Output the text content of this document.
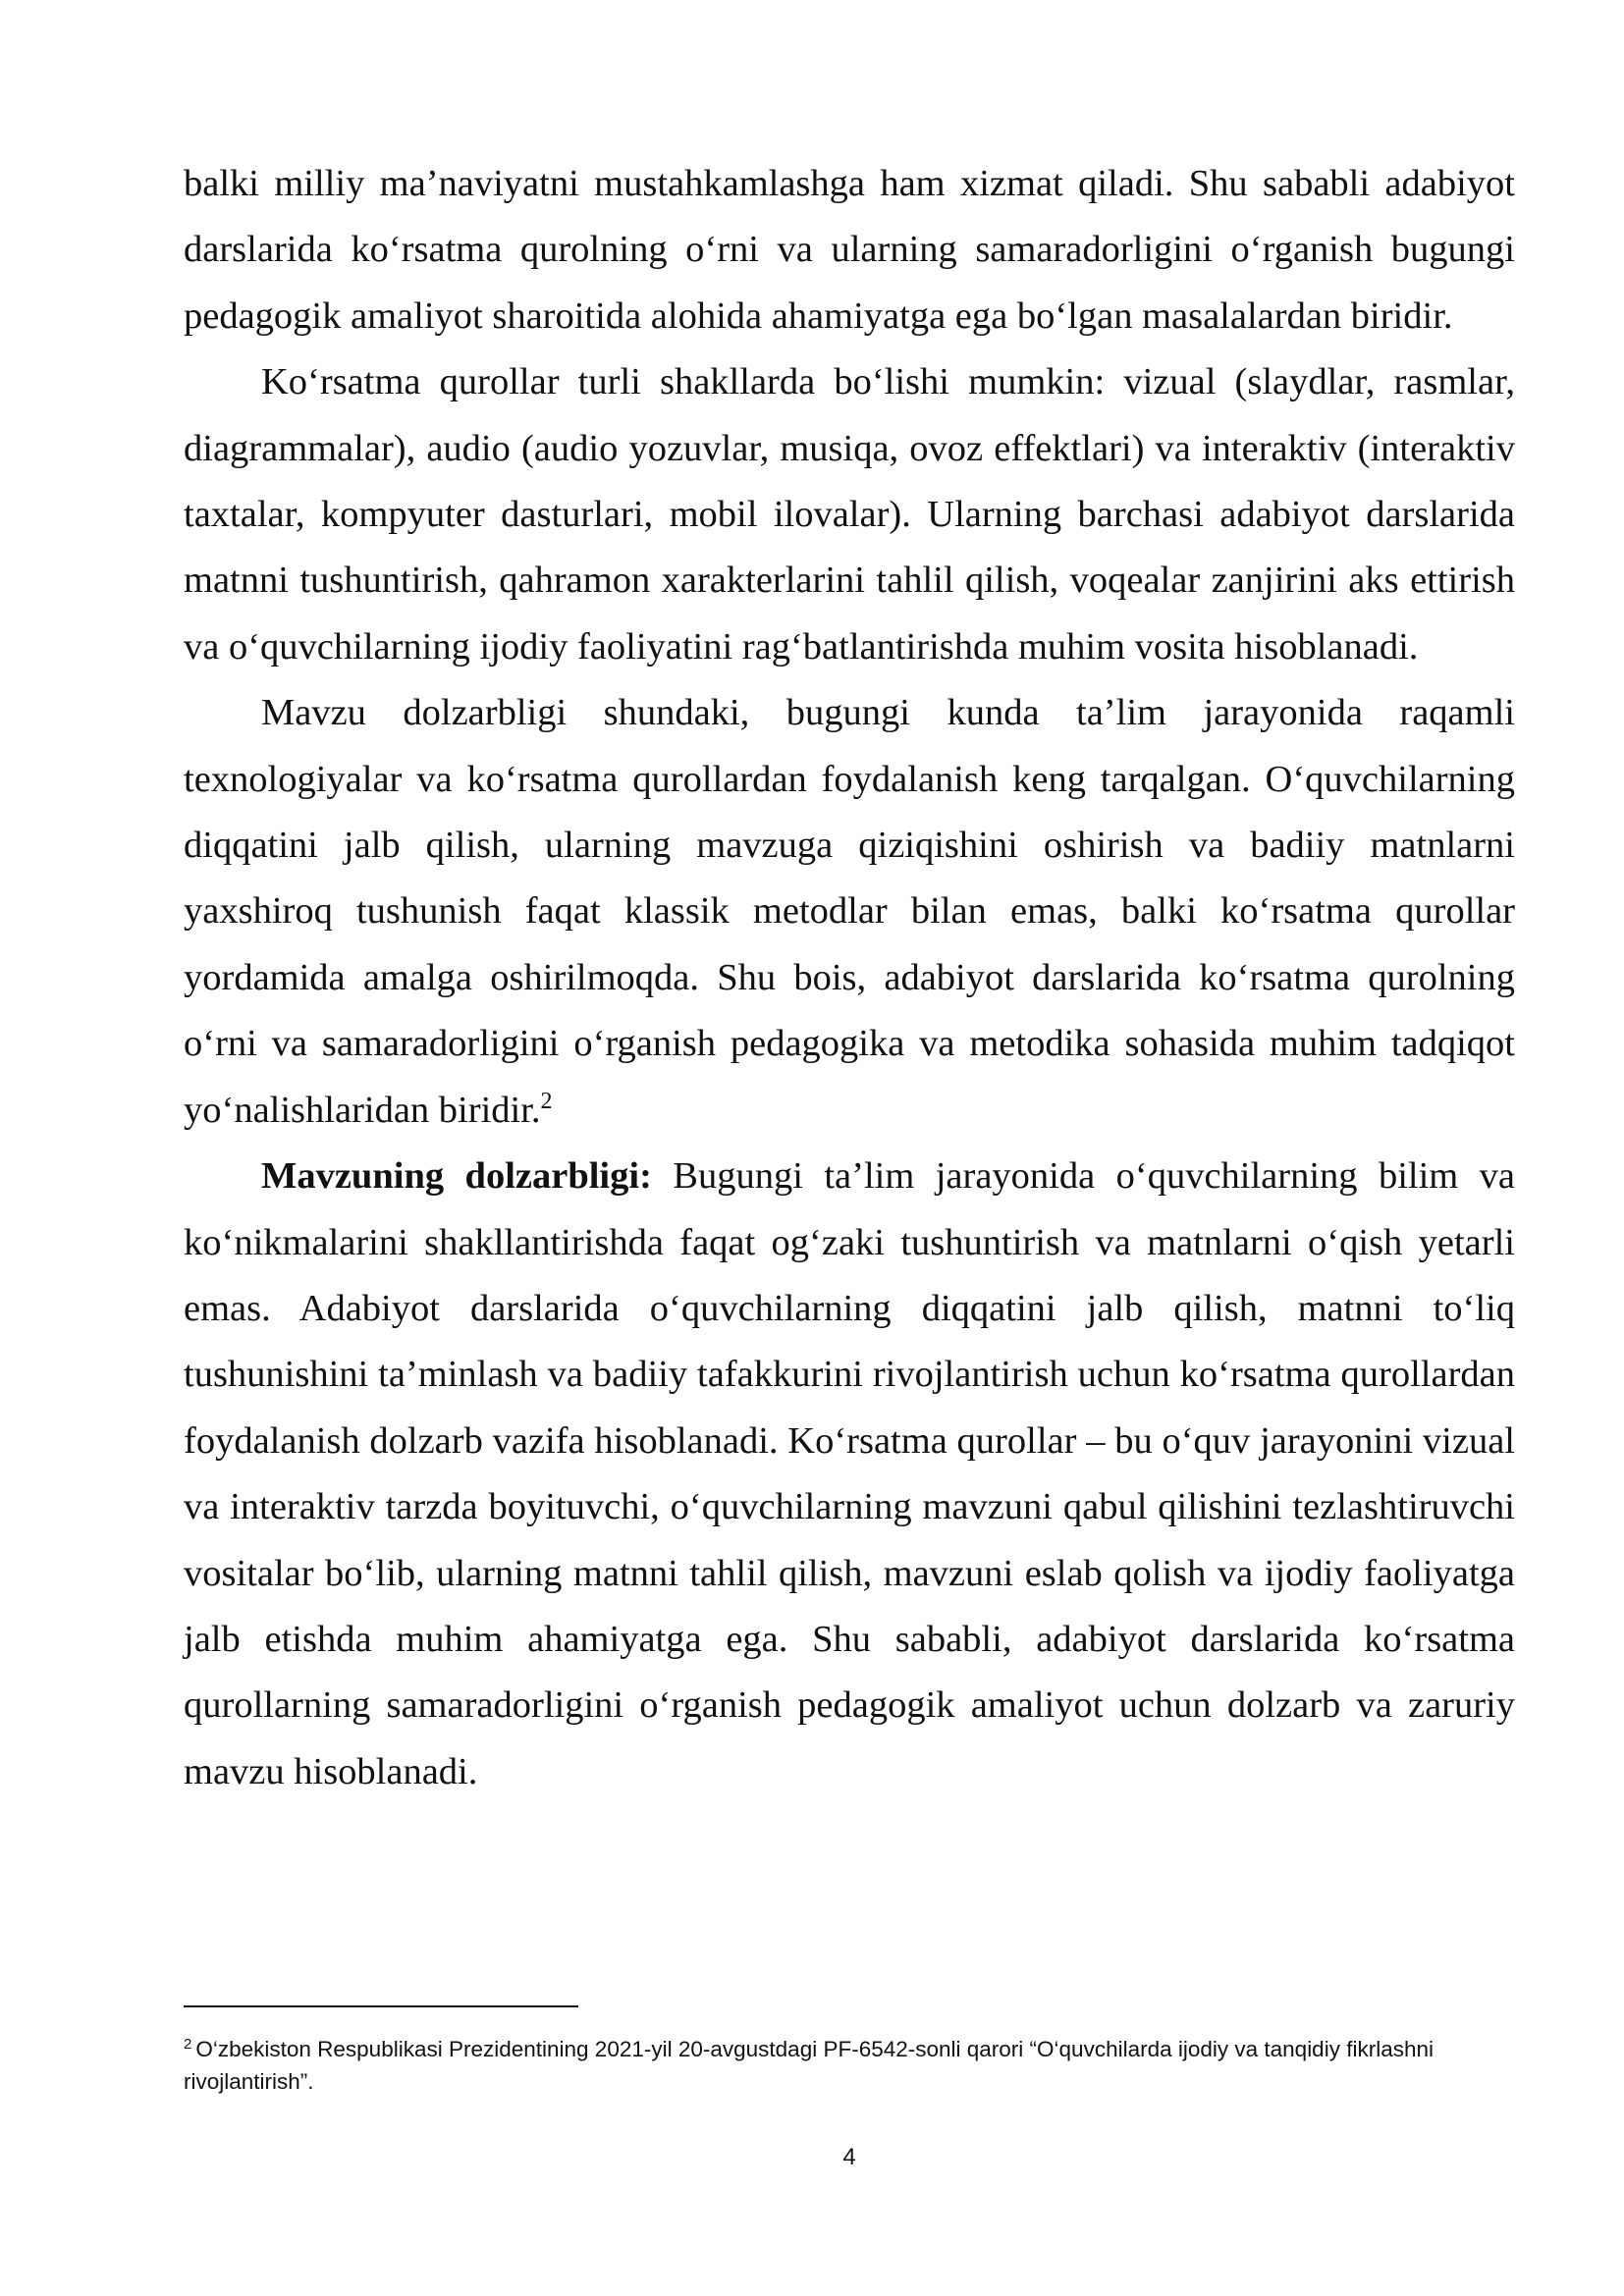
balki milliy ma’naviyatni mustahkamlashga ham xizmat qiladi. Shu sababli adabiyot darslarida ko‘rsatma qurolning o‘rni va ularning samaradorligini o‘rganish bugungi pedagogik amaliyot sharoitida alohida ahamiyatga ega bo‘lgan masalalardan biridir.

Ko‘rsatma qurollar turli shakllarda bo‘lishi mumkin: vizual (slaydlar, rasmlar, diagrammalar), audio (audio yozuvlar, musiqa, ovoz effektlari) va interaktiv (interaktiv taxtalar, kompyuter dasturlari, mobil ilovalar). Ularning barchasi adabiyot darslarida matnni tushuntirish, qahramon xarakterlarini tahlil qilish, voqealar zanjirini aks ettirish va o‘quvchilarning ijodiy faoliyatini rag‘batlantirishda muhim vosita hisoblanadi.

Mavzu dolzarbligi shundaki, bugungi kunda ta’lim jarayonida raqamli texnologiyalar va ko‘rsatma qurollardan foydalanish keng tarqalgan. O‘quvchilarning diqqatini jalb qilish, ularning mavzuga qiziqishini oshirish va badiiy matnlarni yaxshiroq tushunish faqat klassik metodlar bilan emas, balki ko‘rsatma qurollar yordamida amalga oshirilmoqda. Shu bois, adabiyot darslarida ko‘rsatma qurolning o‘rni va samaradorligini o‘rganish pedagogika va metodika sohasida muhim tadqiqot yo‘nalishlaridan biridir.$^2$

Mavzuning dolzarbligi: Bugungi ta’lim jarayonida o‘quvchilarning bilim va ko‘nikmalarini shakllantirishda faqat og‘zaki tushuntirish va matnlarni o‘qish yetarli emas. Adabiyot darslarida o‘quvchilarning diqqatini jalb qilish, matnni to‘liq tushunishini ta’minlash va badiiy tafakkurini rivojlantirish uchun ko‘rsatma qurollardan foydalanish dolzarb vazifa hisoblanadi. Ko‘rsatma qurollar – bu o‘quv jarayonini vizual va interaktiv tarzda boyituvchi, o‘quvchilarning mavzuni qabul qilishini tezlashtiruvchi vositalar bo‘lib, ularning matnni tahlil qilish, mavzuni eslab qolish va ijodiy faoliyatga jalb etishda muhim ahamiyatga ega. Shu sababli, adabiyot darslarida ko‘rsatma qurollarning samaradorligini o‘rganish pedagogik amaliyot uchun dolzarb va zaruriy mavzu hisoblanadi.

$^2$ O‘zbekiston Respublikasi Prezidentining 2021-yil 20-avgustdagi PF-6542-sonli qarori “O‘quvchilarda ijodiy va tanqidiy fikrlashni rivojlantirish”.
4
